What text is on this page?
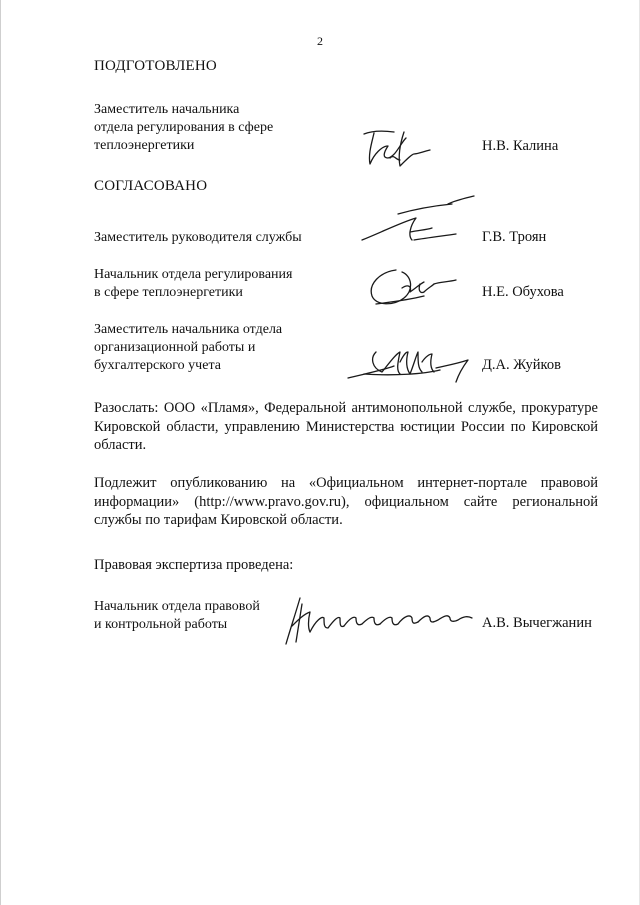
2
ПОДГОТОВЛЕНО
Заместитель начальника
отдела регулирования в сфере
теплоэнергетики	Н.В. Калина
СОГЛАСОВАНО
Заместитель руководителя службы	Г.В. Троян
Начальник отдела регулирования
в сфере теплоэнергетики	Н.Е. Обухова
Заместитель начальника отдела
организационной работы и
бухгалтерского учета	Д.А. Жуйков
Разослать: ООО «Пламя», Федеральной антимонопольной службе, прокуратуре Кировской области, управлению Министерства юстиции России по Кировской области.
Подлежит опубликованию на «Официальном интернет-портале правовой информации» (http://www.pravo.gov.ru), официальном сайте региональной службы по тарифам Кировской области.
Правовая экспертиза проведена:
Начальник отдела правовой
и контрольной работы	А.В. Вычегжанин
